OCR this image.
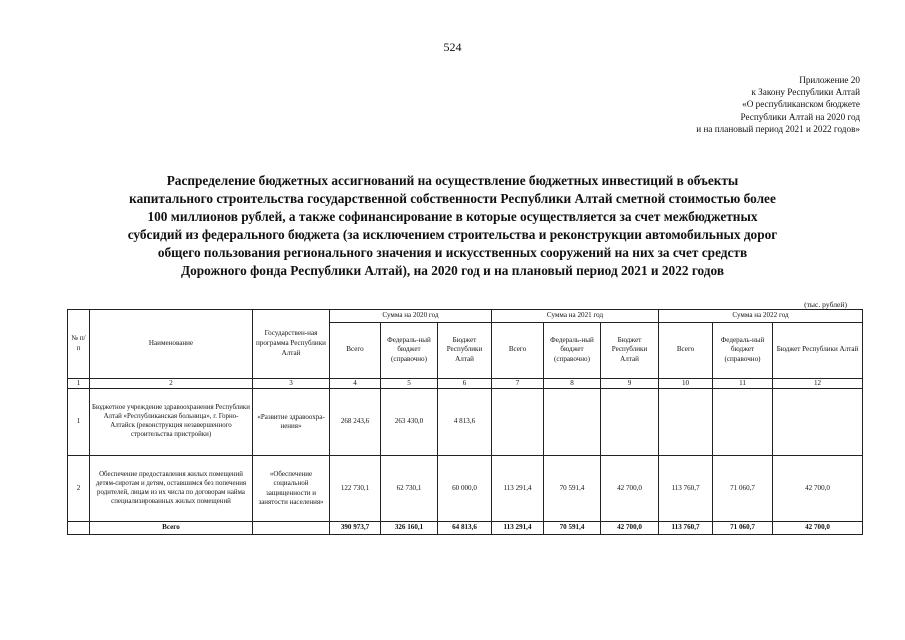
524
Приложение 20
к Закону Республики Алтай
«О республиканском бюджете
Республики Алтай на 2020 год
и на плановый период 2021 и 2022 годов»
Распределение бюджетных ассигнований на осуществление бюджетных инвестиций в объекты
капитального строительства государственной собственности Республики Алтай сметной стоимостью более
100 миллионов рублей, а также софинансирование в которые осуществляется за счет межбюджетных
субсидий из федерального бюджета (за исключением строительства и реконструкции автомобильных дорог
общего пользования регионального значения и искусственных сооружений на них за счет средств
Дорожного фонда Республики Алтай), на 2020 год и на плановый период 2021 и 2022 годов
(тыс. рублей)
№ п/ п	Наименование	Государствен-ная программа Республики Алтай	Сумма на 2020 год			Сумма на 2021 год			Сумма на 2022 год		
			Всего	Федераль-ный бюджет (справочно)	Бюджет Республики Алтай	Всего	Федераль-ный бюджет (справочно)	Бюджет Республики Алтай	Всего	Федераль-ный бюджет (справочно)	Бюджет Республики Алтай
1	2	3	4	5	6	7	8	9	10	11	12
1	Бюджетное учреждение здравоохранения Республики Алтай «Республиканская больница», г. Горно-Алтайск (реконструкция незавершенного строительства пристройки)	«Развитие здравоохра-нения»	268 243,6	263 430,0	4 813,6						
2	Обеспечение предоставления жилых помещений детям-сиротам и детям, оставшимся без попечения родителей, лицам из их числа по договорам найма специализированных жилых помещений	«Обеспечение социальной защищенности и занятости населения»	122 730,1	62 730,1	60 000,0	113 291,4	70 591,4	42 700,0	113 760,7	71 060,7	42 700,0
	Всего		390 973,7	326 160,1	64 813,6	113 291,4	70 591,4	42 700,0	113 760,7	71 060,7	42 700,0
